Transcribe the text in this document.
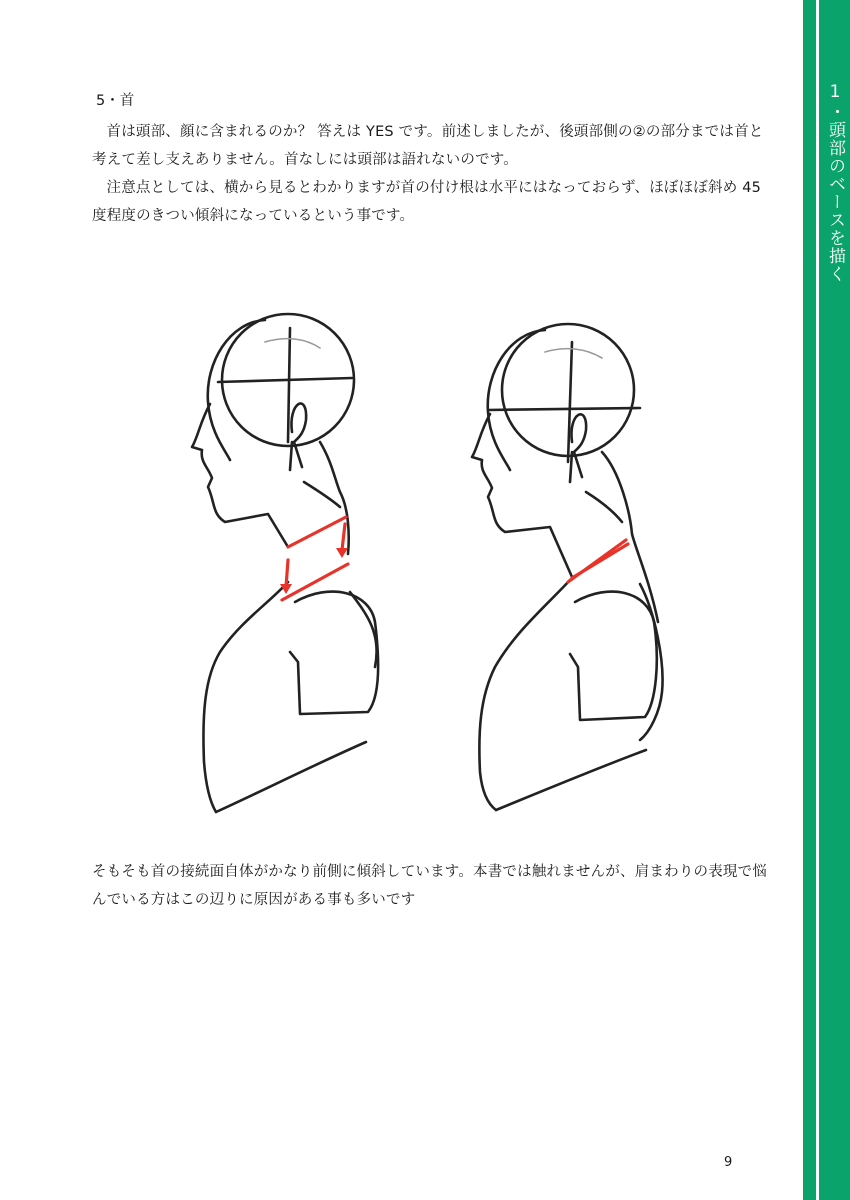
1・頭部のベースを描く
5・首

首は頭部、顔に含まれるのか？ 答えは YES です。前述しましたが、後頭部側の②の部分までは首と考えて差し支えありません。首なしには頭部は語れないのです。

注意点としては、横から見るとわかりますが首の付け根は水平にはなっておらず、ほぼほぼ斜め 45 度程度のきつい傾斜になっているという事です。

そもそも首の接続面自体がかなり前側に傾斜しています。本書では触れませんが、肩まわりの表現で悩んでいる方はこの辺りに原因がある事も多いです
9
